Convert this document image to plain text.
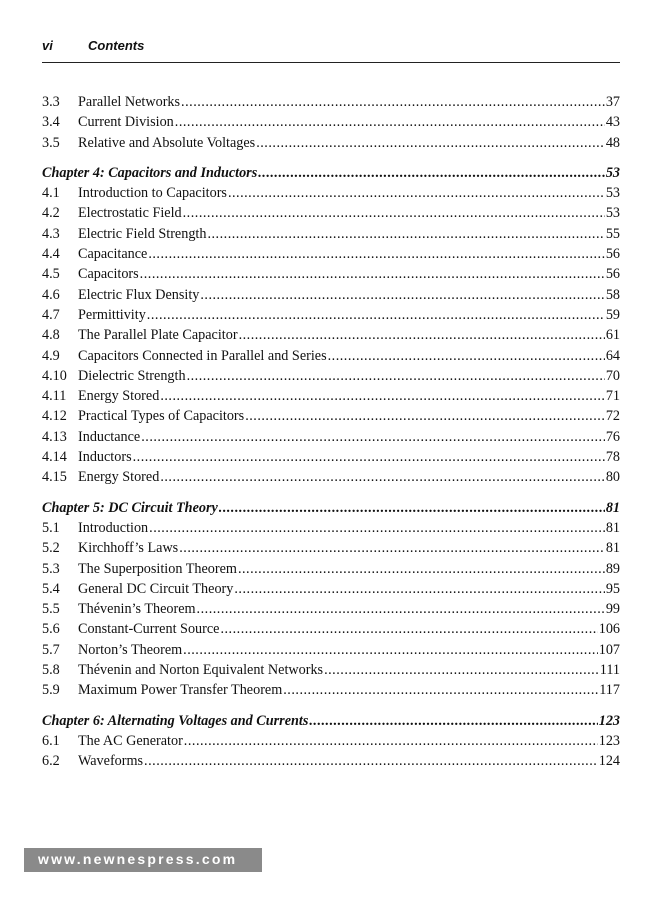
vi	Contents
3.3	Parallel Networks .....	37
3.4	Current Division .....	43
3.5	Relative and Absolute Voltages .....	48
Chapter 4: Capacitors and Inductors .....	53
4.1	Introduction to Capacitors .....	53
4.2	Electrostatic Field .....	53
4.3	Electric Field Strength .....	55
4.4	Capacitance .....	56
4.5	Capacitors .....	56
4.6	Electric Flux Density .....	58
4.7	Permittivity .....	59
4.8	The Parallel Plate Capacitor .....	61
4.9	Capacitors Connected in Parallel and Series .....	64
4.10 Dielectric Strength .....	70
4.11 Energy Stored .....	71
4.12 Practical Types of Capacitors .....	72
4.13 Inductance .....	76
4.14 Inductors .....	78
4.15 Energy Stored .....	80
Chapter 5: DC Circuit Theory .....	81
5.1	Introduction .....	81
5.2	Kirchhoff’s Laws .....	81
5.3	The Superposition Theorem .....	89
5.4	General DC Circuit Theory .....	95
5.5	Thévenin’s Theorem .....	99
5.6	Constant-Current Source .....	106
5.7	Norton’s Theorem .....	107
5.8	Thévenin and Norton Equivalent Networks .....	111
5.9	Maximum Power Transfer Theorem .....	117
Chapter 6: Alternating Voltages and Currents .....	123
6.1	The AC Generator .....	123
6.2	Waveforms .....	124
www.newnespress.com
